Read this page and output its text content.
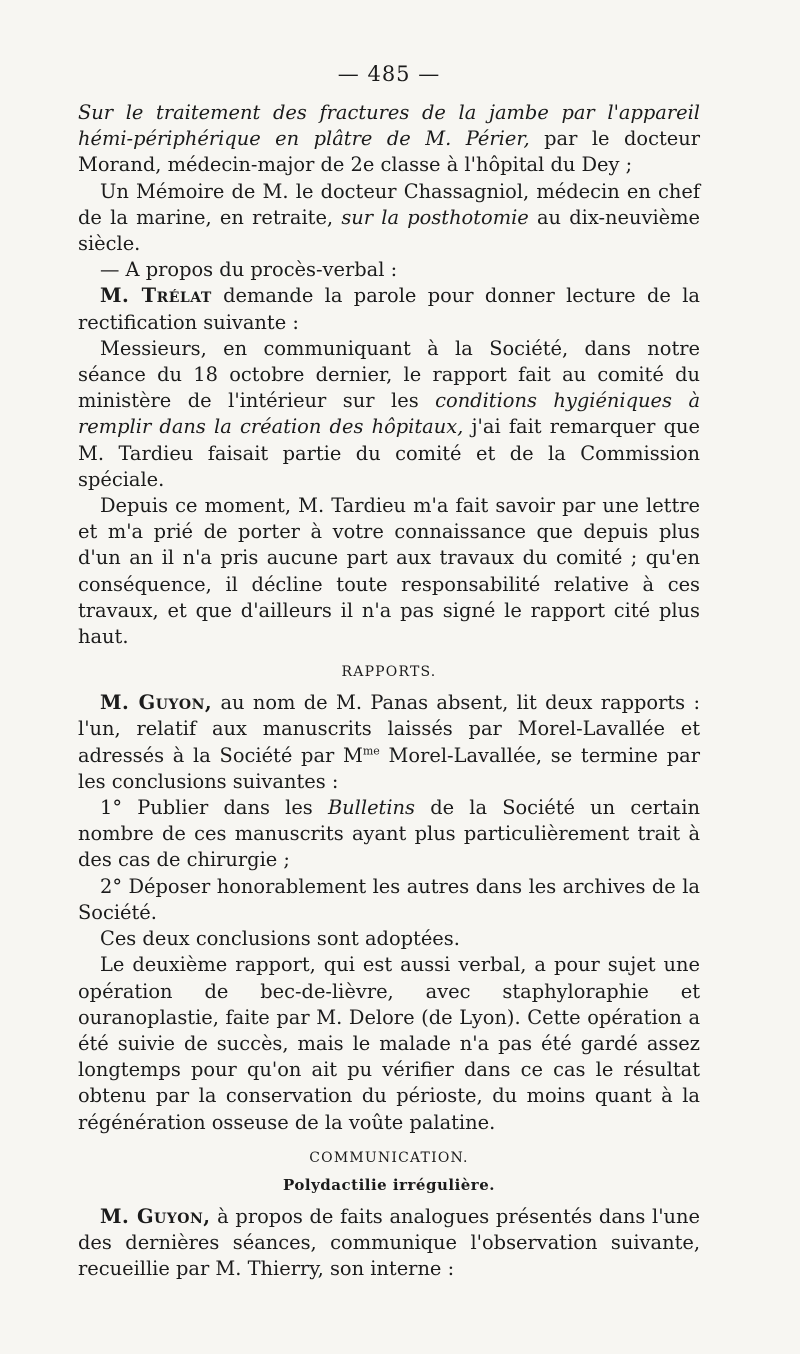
— 485 —

Sur le traitement des fractures de la jambe par l'appareil hémi-périphérique en plâtre de M. Périer, par le docteur Morand, médecin-major de 2e classe à l'hôpital du Dey ;

Un Mémoire de M. le docteur Chassagniol, médecin en chef de la marine, en retraite, sur la posthotomie au dix-neuvième siècle.

— A propos du procès-verbal :

M. Trélat demande la parole pour donner lecture de la rectification suivante :

Messieurs, en communiquant à la Société, dans notre séance du 18 octobre dernier, le rapport fait au comité du ministère de l'intérieur sur les conditions hygiéniques à remplir dans la création des hôpitaux, j'ai fait remarquer que M. Tardieu faisait partie du comité et de la Commission spéciale.

Depuis ce moment, M. Tardieu m'a fait savoir par une lettre et m'a prié de porter à votre connaissance que depuis plus d'un an il n'a pris aucune part aux travaux du comité ; qu'en conséquence, il décline toute responsabilité relative à ces travaux, et que d'ailleurs il n'a pas signé le rapport cité plus haut.

RAPPORTS.

M. Guyon, au nom de M. Panas absent, lit deux rapports : l'un, relatif aux manuscrits laissés par Morel-Lavallée et adressés à la Société par $M^{me}$ Morel-Lavallée, se termine par les conclusions suivantes :

1° Publier dans les Bulletins de la Société un certain nombre de ces manuscrits ayant plus particulièrement trait à des cas de chirurgie ;

2° Déposer honorablement les autres dans les archives de la Société.

Ces deux conclusions sont adoptées.

Le deuxième rapport, qui est aussi verbal, a pour sujet une opération de bec-de-lièvre, avec staphyloraphie et ouranoplastie, faite par M. Delore (de Lyon). Cette opération a été suivie de succès, mais le malade n'a pas été gardé assez longtemps pour qu'on ait pu vérifier dans ce cas le résultat obtenu par la conservation du périoste, du moins quant à la régénération osseuse de la voûte palatine.

COMMUNICATION.
Polydactilie irrégulière.

M. Guyon, à propos de faits analogues présentés dans l'une des dernières séances, communique l'observation suivante, recueillie par M. Thierry, son interne :
